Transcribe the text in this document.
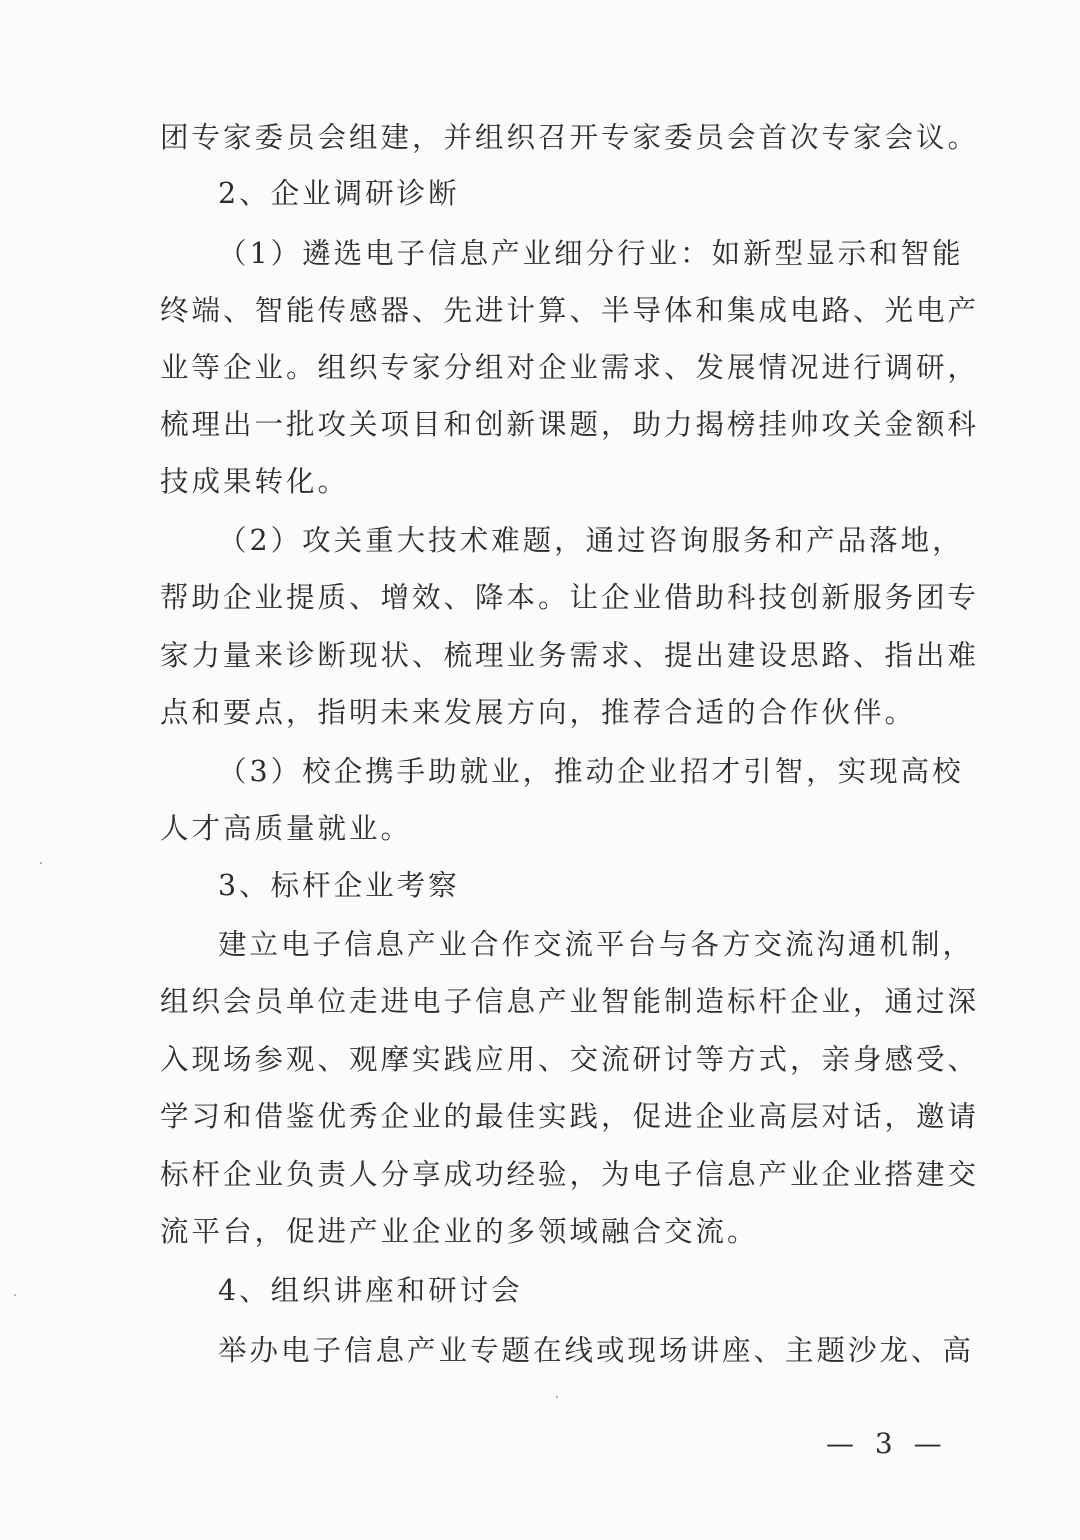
团专家委员会组建，并组织召开专家委员会首次专家会议。
2、企业调研诊断
（1）遴选电子信息产业细分行业：如新型显示和智能
终端、智能传感器、先进计算、半导体和集成电路、光电产
业等企业。组织专家分组对企业需求、发展情况进行调研，
梳理出一批攻关项目和创新课题，助力揭榜挂帅攻关金额科
技成果转化。
（2）攻关重大技术难题，通过咨询服务和产品落地，
帮助企业提质、增效、降本。让企业借助科技创新服务团专
家力量来诊断现状、梳理业务需求、提出建设思路、指出难
点和要点，指明未来发展方向，推荐合适的合作伙伴。
（3）校企携手助就业，推动企业招才引智，实现高校
人才高质量就业。
3、标杆企业考察
建立电子信息产业合作交流平台与各方交流沟通机制，
组织会员单位走进电子信息产业智能制造标杆企业，通过深
入现场参观、观摩实践应用、交流研讨等方式，亲身感受、
学习和借鉴优秀企业的最佳实践，促进企业高层对话，邀请
标杆企业负责人分享成功经验，为电子信息产业企业搭建交
流平台，促进产业企业的多领域融合交流。
4、组织讲座和研讨会
举办电子信息产业专题在线或现场讲座、主题沙龙、高
— 3 —
